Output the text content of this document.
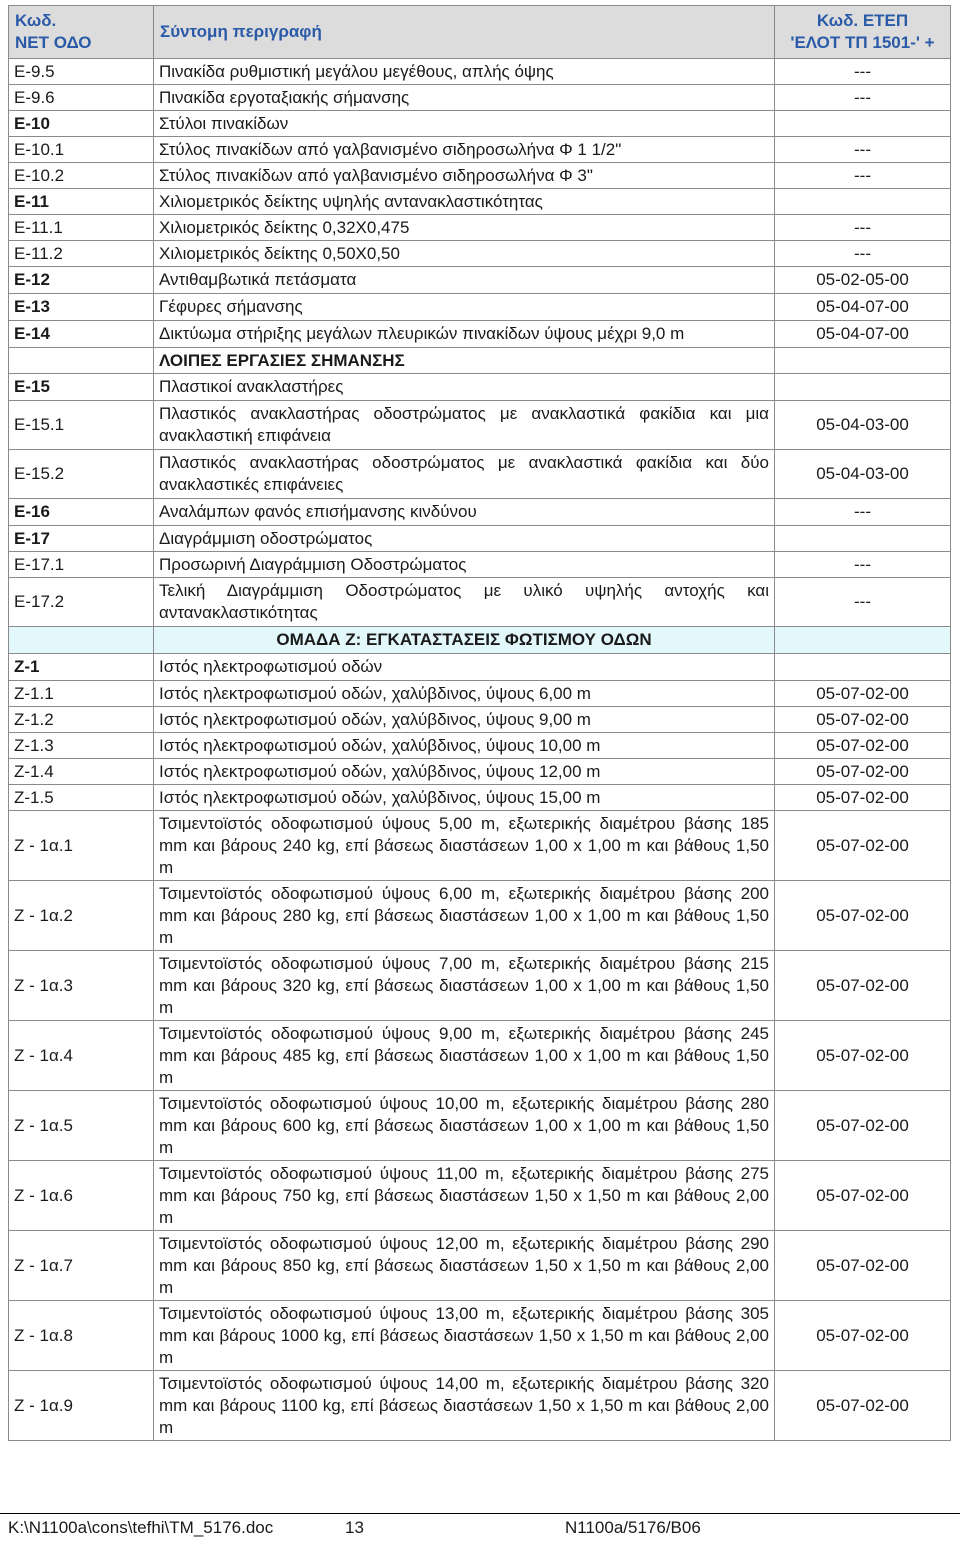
Κωδ.
ΝΕΤ ΟΔΟ	Σύντομη περιγραφή	Κωδ. ΕΤΕΠ
'ΕΛΟΤ ΤΠ 1501-' +
Ε-9.5	Πινακίδα ρυθμιστική μεγάλου μεγέθους, απλής όψης	---
Ε-9.6	Πινακίδα εργοταξιακής σήμανσης	---
Ε-10	Στύλοι πινακίδων	
Ε-10.1	Στύλος πινακίδων από γαλβανισμένο σιδηροσωλήνα Φ 1 1/2"	---
Ε-10.2	Στύλος πινακίδων από γαλβανισμένο σιδηροσωλήνα Φ 3"	---
Ε-11	Χιλιομετρικός δείκτης υψηλής αντανακλαστικότητας	
Ε-11.1	Χιλιομετρικός δείκτης 0,32Χ0,475	---
Ε-11.2	Χιλιομετρικός δείκτης 0,50Χ0,50	---
Ε-12	Αντιθαμβωτικά πετάσματα	05-02-05-00
Ε-13	Γέφυρες σήμανσης	05-04-07-00
Ε-14	Δικτύωμα στήριξης μεγάλων πλευρικών πινακίδων ύψους μέχρι 9,0 m	05-04-07-00
	ΛΟΙΠΕΣ ΕΡΓΑΣΙΕΣ ΣΗΜΑΝΣΗΣ	
Ε-15	Πλαστικοί ανακλαστήρες	
Ε-15.1	Πλαστικός ανακλαστήρας οδοστρώματος με ανακλαστικά φακίδια και μια ανακλαστική επιφάνεια	05-04-03-00
Ε-15.2	Πλαστικός ανακλαστήρας οδοστρώματος με ανακλαστικά φακίδια και δύο ανακλαστικές επιφάνειες	05-04-03-00
Ε-16	Αναλάμπων φανός επισήμανσης κινδύνου	---
Ε-17	Διαγράμμιση οδοστρώματος	
Ε-17.1	Προσωρινή Διαγράμμιση Οδοστρώματος	---
Ε-17.2	Τελική Διαγράμμιση Οδοστρώματος με υλικό υψηλής αντοχής και αντανακλαστικότητας	---
	ΟΜΑΔΑ Ζ: ΕΓΚΑΤΑΣΤΑΣΕΙΣ ΦΩΤΙΣΜΟΥ ΟΔΩΝ	
Ζ-1	Ιστός ηλεκτροφωτισμού οδών	
Ζ-1.1	Ιστός ηλεκτροφωτισμού οδών, χαλύβδινος, ύψους 6,00 m	05-07-02-00
Ζ-1.2	Ιστός ηλεκτροφωτισμού οδών, χαλύβδινος, ύψους 9,00 m	05-07-02-00
Ζ-1.3	Ιστός ηλεκτροφωτισμού οδών, χαλύβδινος, ύψους 10,00 m	05-07-02-00
Ζ-1.4	Ιστός ηλεκτροφωτισμού οδών, χαλύβδινος, ύψους 12,00 m	05-07-02-00
Ζ-1.5	Ιστός ηλεκτροφωτισμού οδών, χαλύβδινος, ύψους 15,00 m	05-07-02-00
Ζ - 1α.1	Τσιμεντοϊστός οδοφωτισμού ύψους 5,00 m, εξωτερικής διαμέτρου βάσης 185 mm και βάρους 240 kg, επί βάσεως διαστάσεων 1,00 x 1,00 m και βάθους 1,50 m	05-07-02-00
Ζ - 1α.2	Τσιμεντοϊστός οδοφωτισμού ύψους 6,00 m, εξωτερικής διαμέτρου βάσης 200 mm και βάρους 280 kg, επί βάσεως διαστάσεων 1,00 x 1,00 m και βάθους 1,50 m	05-07-02-00
Ζ - 1α.3	Τσιμεντοϊστός οδοφωτισμού ύψους 7,00 m, εξωτερικής διαμέτρου βάσης 215 mm και βάρους 320 kg, επί βάσεως διαστάσεων 1,00 x 1,00 m και βάθους 1,50 m	05-07-02-00
Ζ - 1α.4	Τσιμεντοϊστός οδοφωτισμού ύψους 9,00 m, εξωτερικής διαμέτρου βάσης 245 mm και βάρους 485 kg, επί βάσεως διαστάσεων 1,00 x 1,00 m και βάθους 1,50 m	05-07-02-00
Ζ - 1α.5	Τσιμεντοϊστός οδοφωτισμού ύψους 10,00 m, εξωτερικής διαμέτρου βάσης 280 mm και βάρους 600 kg, επί βάσεως διαστάσεων 1,00 x 1,00 m και βάθους 1,50 m	05-07-02-00
Ζ - 1α.6	Τσιμεντοϊστός οδοφωτισμού ύψους 11,00 m, εξωτερικής διαμέτρου βάσης 275 mm και βάρους 750 kg, επί βάσεως διαστάσεων 1,50 x 1,50 m και βάθους 2,00 m	05-07-02-00
Ζ - 1α.7	Τσιμεντοϊστός οδοφωτισμού ύψους 12,00 m, εξωτερικής διαμέτρου βάσης 290 mm και βάρους 850 kg, επί βάσεως διαστάσεων 1,50 x 1,50 m και βάθους 2,00 m	05-07-02-00
Ζ - 1α.8	Τσιμεντοϊστός οδοφωτισμού ύψους 13,00 m, εξωτερικής διαμέτρου βάσης 305 mm και βάρους 1000 kg, επί βάσεως διαστάσεων 1,50 x 1,50 m και βάθους 2,00 m	05-07-02-00
Ζ - 1α.9	Τσιμεντοϊστός οδοφωτισμού ύψους 14,00 m, εξωτερικής διαμέτρου βάσης 320 mm και βάρους 1100 kg, επί βάσεως διαστάσεων 1,50 x 1,50 m και βάθους 2,00 m	05-07-02-00
K:\N1100a\cons\tefhi\TM_5176.doc	13	N1100a/5176/B06
